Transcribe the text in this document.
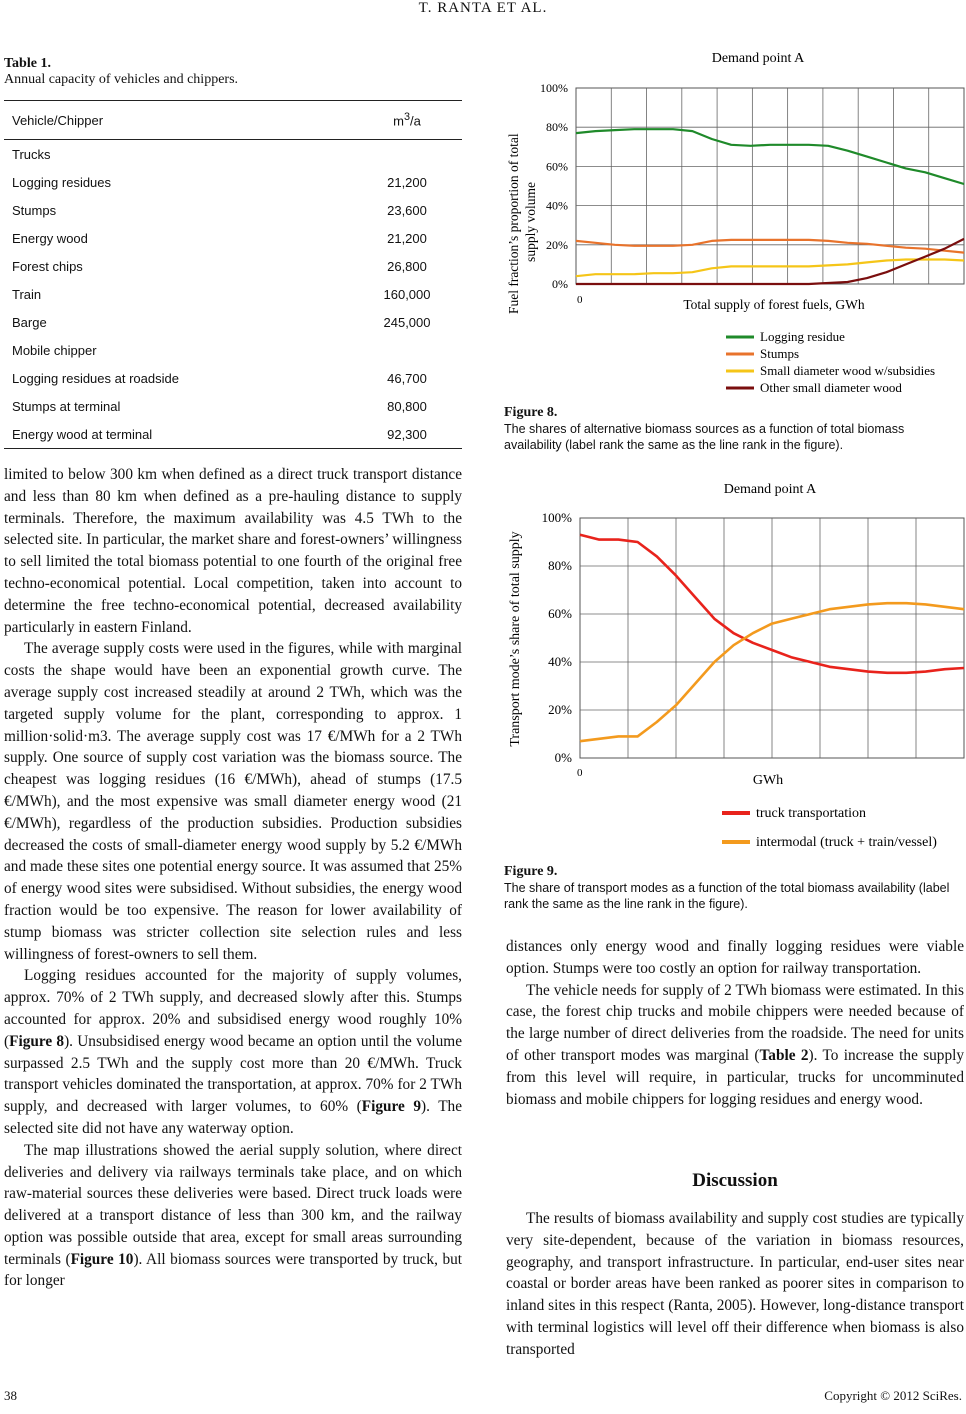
T. RANTA ET AL.
Table 1.
Annual capacity of vehicles and chippers.
Vehicle/Chipper	$m^3/a$
Trucks	
Logging residues	21,200
Stumps	23,600
Energy wood	21,200
Forest chips	26,800
Train	160,000
Barge	245,000
Mobile chipper	
Logging residues at roadside	46,700
Stumps at terminal	80,800
Energy wood at terminal	92,300

limited to below 300 km when defined as a direct truck transport distance and less than 80 km when defined as a pre-hauling distance to supply terminals. Therefore, the maximum availability was 4.5 TWh to the selected site. In particular, the market share and forest-owners’ willingness to sell limited the total biomass potential to one fourth of the original free techno-economical potential. Local competition, taken into account to determine the free techno-economical potential, decreased availability particularly in eastern Finland.

The average supply costs were used in the figures, while with marginal costs the shape would have been an exponential growth curve. The average supply cost increased steadily at around 2 TWh, which was the targeted supply volume for the plant, corresponding to approx. 1 million·solid·m3. The average supply cost was 17 €/MWh for a 2 TWh supply. One source of supply cost variation was the biomass source. The cheapest was logging residues (16 €/MWh), ahead of stumps (17.5 €/MWh), and the most expensive was small diameter energy wood (21 €/MWh), regardless of the production subsidies. Production subsidies decreased the costs of small-diameter energy wood supply by 5.2 €/MWh and made these sites one potential energy source. It was assumed that 25% of energy wood sites were subsidised. Without subsidies, the energy wood fraction would be too expensive. The reason for lower availability of stump biomass was stricter collection site selection rules and less willingness of forest-owners to sell them.

Logging residues accounted for the majority of supply volumes, approx. 70% of 2 TWh supply, and decreased slowly after this. Stumps accounted for approx. 20% and subsidised energy wood roughly 10% (Figure 8). Unsubsidised energy wood became an option until the volume surpassed 2.5 TWh and the supply cost more than 20 €/MWh. Truck transport vehicles dominated the transportation, at approx. 70% for 2 TWh supply, and decreased with larger volumes, to 60% (Figure 9). The selected site did not have any waterway option.

The map illustrations showed the aerial supply solution, where direct deliveries and delivery via railways terminals take place, and on which raw-material sources these deliveries were based. Direct truck loads were delivered at a transport distance of less than 300 km, and the railway option was possible outside that area, except for small areas surrounding terminals (Figure 10). All biomass sources were transported by truck, but for longer

0%
20%
40%
60%
80%
100%
Demand point A
Fuel fraction’s proportion of total supply volume
0	Total supply of forest fuels, GWh
Logging residue
Stumps
Small diameter wood w/subsidies
Other small diameter wood
Figure 8.
The shares of alternative biomass sources as a function of total biomass availability (label rank the same as the line rank in the figure).
0%
20%
40%
60%
80%
100%
Demand point A
Transport mode’s share of total supply
0	GWh
truck transportation
intermodal (truck + train/vessel)
Figure 9.
The share of transport modes as a function of the total biomass availability (label rank the same as the line rank in the figure).

distances only energy wood and finally logging residues were viable option. Stumps were too costly an option for railway transportation.

The vehicle needs for supply of 2 TWh biomass were estimated. In this case, the forest chip trucks and mobile chippers were needed because of the large number of direct deliveries from the roadside. The need for units of other transport modes was marginal (Table 2). To increase the supply from this level will require, in particular, trucks for uncomminuted biomass and mobile chippers for logging residues and energy wood.

Discussion

The results of biomass availability and supply cost studies are typically very site-dependent, because of the variation in biomass resources, geography, and transport infrastructure. In particular, end-user sites near coastal or border areas have been ranked as poorer sites in comparison to inland sites in this respect (Ranta, 2005). However, long-distance transport with terminal logistics will level off their difference when biomass is also transported

38	Copyright © 2012 SciRes.
